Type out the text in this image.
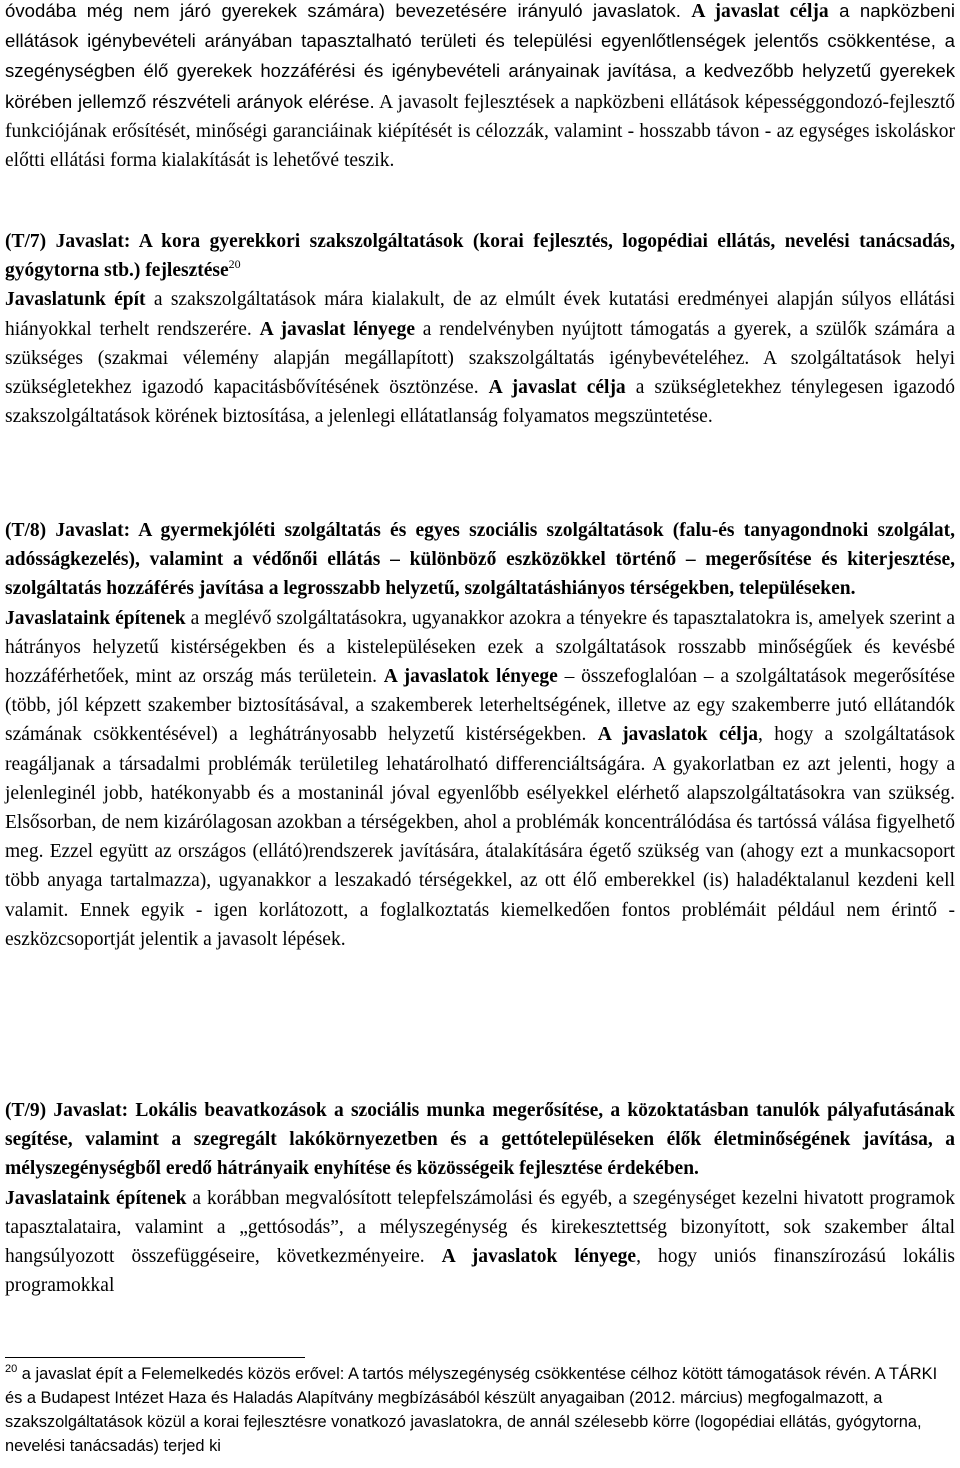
óvodába még nem járó gyerekek számára) bevezetésére irányuló javaslatok. A javaslat célja a napközbeni ellátások igénybevételi arányában tapasztalható területi és települési egyenlőtlenségek jelentős csökkentése, a szegénységben élő gyerekek hozzáférési és igénybevételi arányainak javítása, a kedvezőbb helyzetű gyerekek körében jellemző részvételi arányok elérése. A javasolt fejlesztések a napközbeni ellátások képességgondozó-fejlesztő funkciójának erősítését, minőségi garanciáinak kiépítését is célozzák, valamint - hosszabb távon - az egységes iskoláskor előtti ellátási forma kialakítását is lehetővé teszik.

(T/7) Javaslat: A kora gyerekkori szakszolgáltatások (korai fejlesztés, logopédiai ellátás, nevelési tanácsadás, gyógytorna stb.) fejlesztése$^{20}$
Javaslatunk épít a szakszolgáltatások mára kialakult, de az elmúlt évek kutatási eredményei alapján súlyos ellátási hiányokkal terhelt rendszerére. A javaslat lényege a rendelvényben nyújtott támogatás a gyerek, a szülők számára a szükséges (szakmai vélemény alapján megállapított) szakszolgáltatás igénybevételéhez. A szolgáltatások helyi szükségletekhez igazodó kapacitásbővítésének ösztönzése. A javaslat célja a szükségletekhez ténylegesen igazodó szakszolgáltatások körének biztosítása, a jelenlegi ellátatlanság folyamatos megszüntetése.

(T/8) Javaslat: A gyermekjóléti szolgáltatás és egyes szociális szolgáltatások (falu-és tanyagondnoki szolgálat, adósságkezelés), valamint a védőnői ellátás – különböző eszközökkel történő – megerősítése és kiterjesztése, szolgáltatás hozzáférés javítása a legrosszabb helyzetű, szolgáltatáshiányos térségekben, településeken.
Javaslataink építenek a meglévő szolgáltatásokra, ugyanakkor azokra a tényekre és tapasztalatokra is, amelyek szerint a hátrányos helyzetű kistérségekben és a kistelepüléseken ezek a szolgáltatások rosszabb minőségűek és kevésbé hozzáférhetőek, mint az ország más területein. A javaslatok lényege – összefoglalóan – a szolgáltatások megerősítése (több, jól képzett szakember biztosításával, a szakemberek leterheltségének, illetve az egy szakemberre jutó ellátandók számának csökkentésével) a leghátrányosabb helyzetű kistérségekben. A javaslatok célja, hogy a szolgáltatások reagáljanak a társadalmi problémák területileg lehatárolható differenciáltságára. A gyakorlatban ez azt jelenti, hogy a jelenleginél jobb, hatékonyabb és a mostaninál jóval egyenlőbb esélyekkel elérhető alapszolgáltatásokra van szükség. Elsősorban, de nem kizárólagosan azokban a térségekben, ahol a problémák koncentrálódása és tartóssá válása figyelhető meg. Ezzel együtt az országos (ellátó)rendszerek javítására, átalakítására égető szükség van (ahogy ezt a munkacsoport több anyaga tartalmazza), ugyanakkor a leszakadó térségekkel, az ott élő emberekkel (is) haladéktalanul kezdeni kell valamit. Ennek egyik - igen korlátozott, a foglalkoztatás kiemelkedően fontos problémáit például nem érintő - eszközcsoportját jelentik a javasolt lépések.

(T/9) Javaslat: Lokális beavatkozások a szociális munka megerősítése, a közoktatásban tanulók pályafutásának segítése, valamint a szegregált lakókörnyezetben és a gettótelepüléseken élők életminőségének javítása, a mélyszegénységből eredő hátrányaik enyhítése és közösségeik fejlesztése érdekében.
Javaslataink építenek a korábban megvalósított telepfelszámolási és egyéb, a szegénységet kezelni hivatott programok tapasztalataira, valamint a „gettósodás”, a mélyszegénység és kirekesztettség bizonyított, sok szakember által hangsúlyozott összefüggéseire, következményeire. A javaslatok lényege, hogy uniós finanszírozású lokális programokkal

$^{20}$ a javaslat épít a Felemelkedés közös erővel: A tartós mélyszegénység csökkentése célhoz kötött támogatások révén. A TÁRKI és a Budapest Intézet Haza és Haladás Alapítvány megbízásából készült anyagaiban (2012. március) megfogalmazott, a szakszolgáltatások közül a korai fejlesztésre vonatkozó javaslatokra, de annál szélesebb körre (logopédiai ellátás, gyógytorna, nevelési tanácsadás) terjed ki
